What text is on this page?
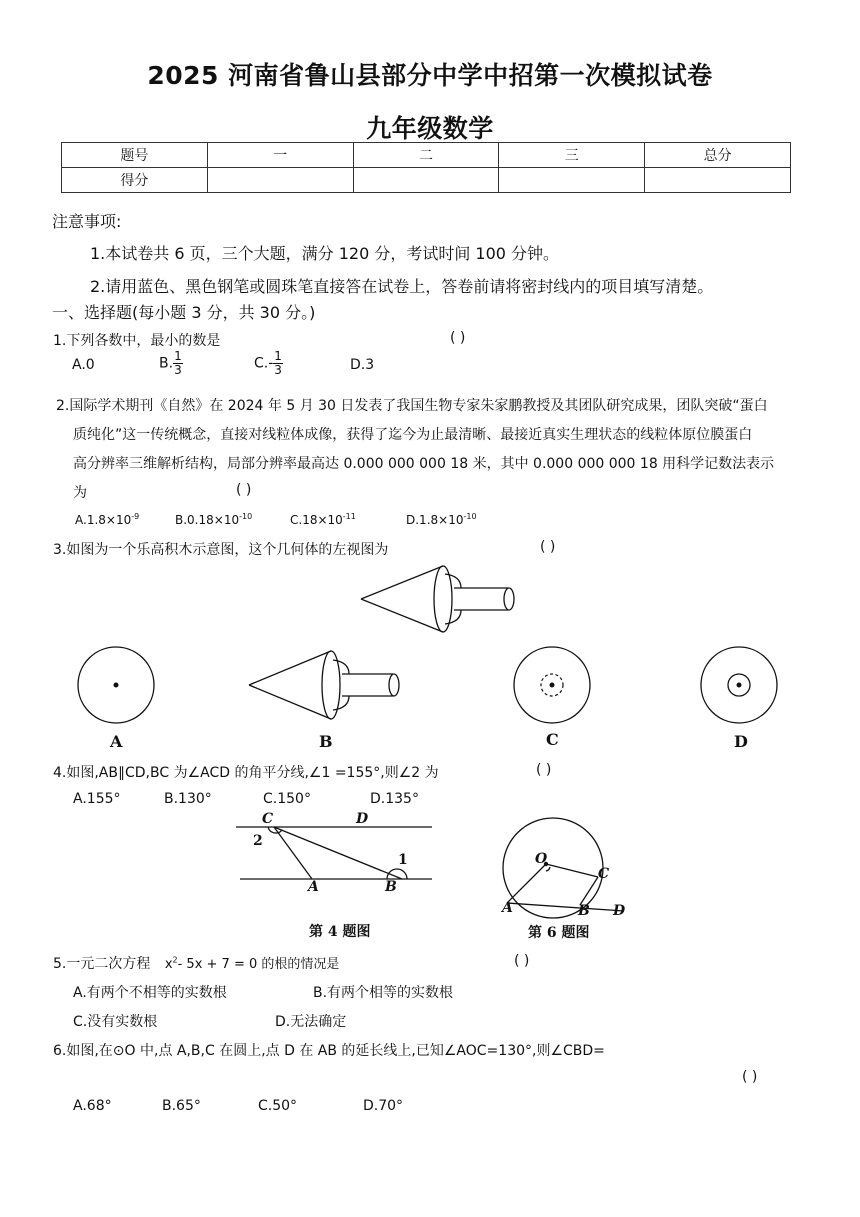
2025 河南省鲁山县部分中学中招第一次模拟试卷
九年级数学
题号	一	二	三	总分
得分				
注意事项:
1.本试卷共 6 页，三个大题，满分 120 分，考试时间 100 分钟。
2.请用蓝色、黑色钢笔或圆珠笔直接答在试卷上，答卷前请将密封线内的项目填写清楚。
一、选择题(每小题 3 分，共 30 分。)
1.下列各数中，最小的数是	( )
A.0	B. $\frac{1}{3}$	$C.- \frac{1}{3}$	D.3
2.国际学术期刊《自然》在 2024 年 5 月 30 日发表了我国生物专家朱家鹏教授及其团队研究成果，团队突破“蛋白
质纯化”这一传统概念，直接对线粒体成像，获得了迄今为止最清晰、最接近真实生理状态的线粒体原位膜蛋白
高分辨率三维解析结构，局部分辨率最高达 0.000 000 000 18 米，其中 0.000 000 000 18 用科学记数法表示
为	( )
$A.1.8\times 10^{-9}$	$B.0.18\times 10^{-10}$	$C.18\times 10^{-11}$	$D.1.8\times 10^{-10}$
3.如图为一个乐高积木示意图，这个几何体的左视图为	( )
A	B	C	D
4.如图,AB∥CD,BC 为∠ACD 的角平分线,∠1 =155°,则∠2 为	( )
A.155°	B.130°	C.150°	D.135°
C	D
2
1
A	B
第 4 题图
O
C
A	B D
第 6 题图
5.一元二次方程 $x^2-$ 5x + 7 = 0 的根的情况是	( )
A.有两个不相等的实数根	B.有两个相等的实数根
C.没有实数根	D.无法确定
6.如图,在⊙O 中,点 A,B,C 在圆上,点 D 在 AB 的延长线上,已知∠AOC=130°,则∠CBD=
( )
A.68°	B.65°	C.50°	D.70°
